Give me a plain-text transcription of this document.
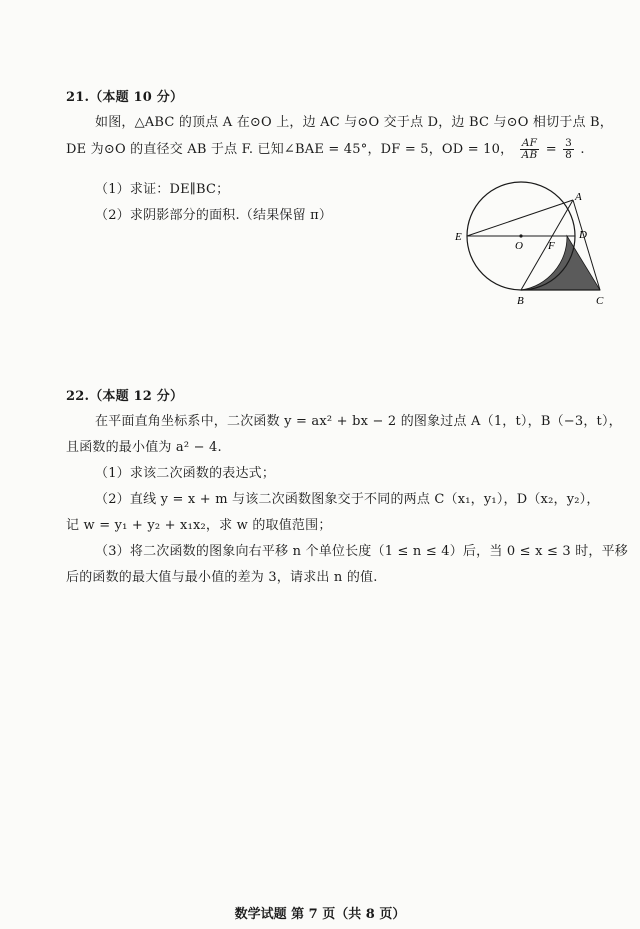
21.（本题 10 分）
如图，△ABC 的顶点 A 在⊙O 上，边 AC 与⊙O 交于点 D，边 BC 与⊙O 相切于点 B，
DE 为⊙O 的直径交 AB 于点 F. 已知∠BAE = 45°，DF = 5，OD = 10， $\frac{AF}{AB} = \frac{3}{8}$ .
（1）求证：DE∥BC；
（2）求阴影部分的面积.（结果保留 π）
A
B	C
D
E
O F
22.（本题 12 分）
在平面直角坐标系中，二次函数 y = ax² + bx − 2 的图象过点 A（1，t），B（−3，t），
且函数的最小值为 a² − 4.
（1）求该二次函数的表达式；
（2）直线 y = x + m 与该二次函数图象交于不同的两点 C（x₁，y₁），D（x₂，y₂），
记 w = y₁ + y₂ + x₁x₂，求 w 的取值范围；
（3）将二次函数的图象向右平移 n 个单位长度（1 ≤ n ≤ 4）后，当 0 ≤ x ≤ 3 时，平移
后的函数的最大值与最小值的差为 3，请求出 n 的值.
数学试题 第 7 页（共 8 页）
